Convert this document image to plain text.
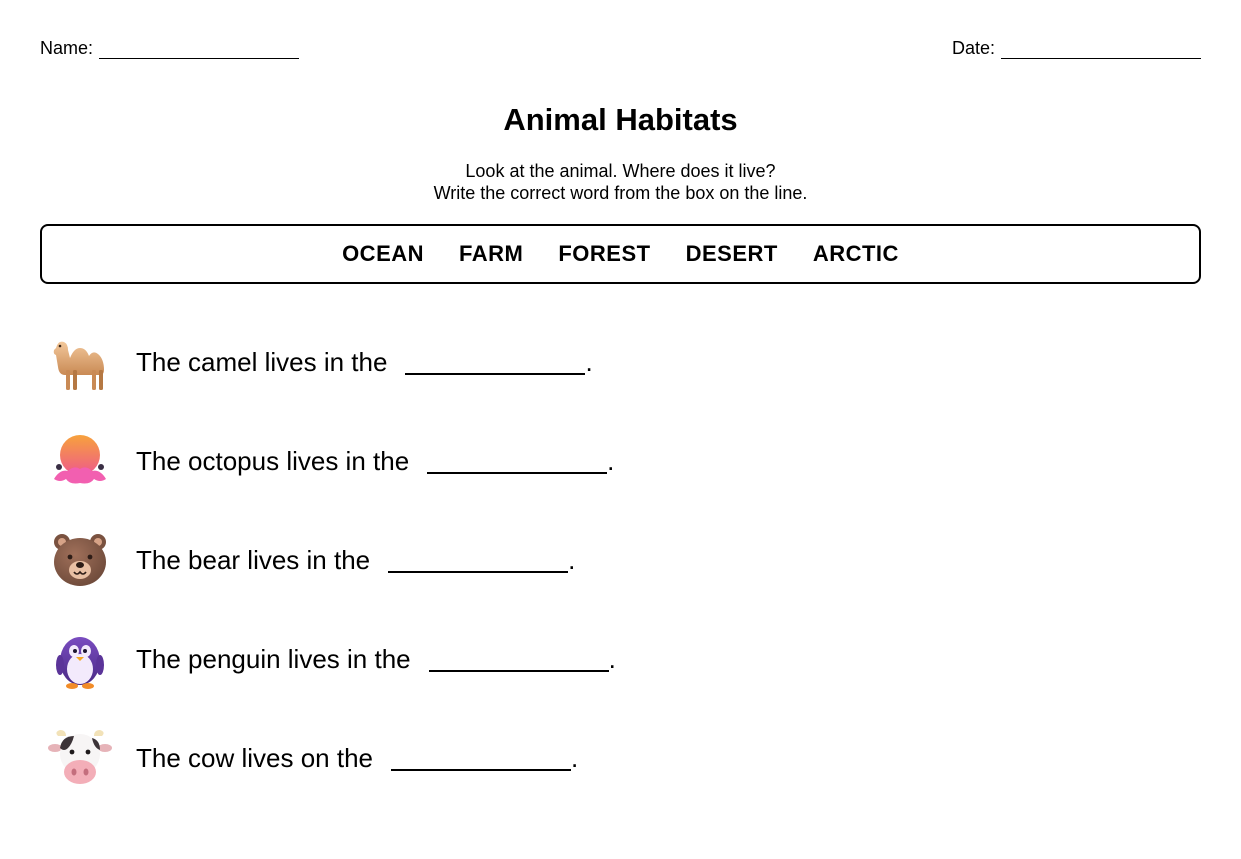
Name:	Date:
Animal Habitats
Look at the animal. Where does it live?
Write the correct word from the box on the line.
OCEAN FARM FOREST DESERT ARCTIC
The camel lives in the	.
The octopus lives in the	.
The bear lives in the	.
The penguin lives in the	.
The cow lives on the	.
